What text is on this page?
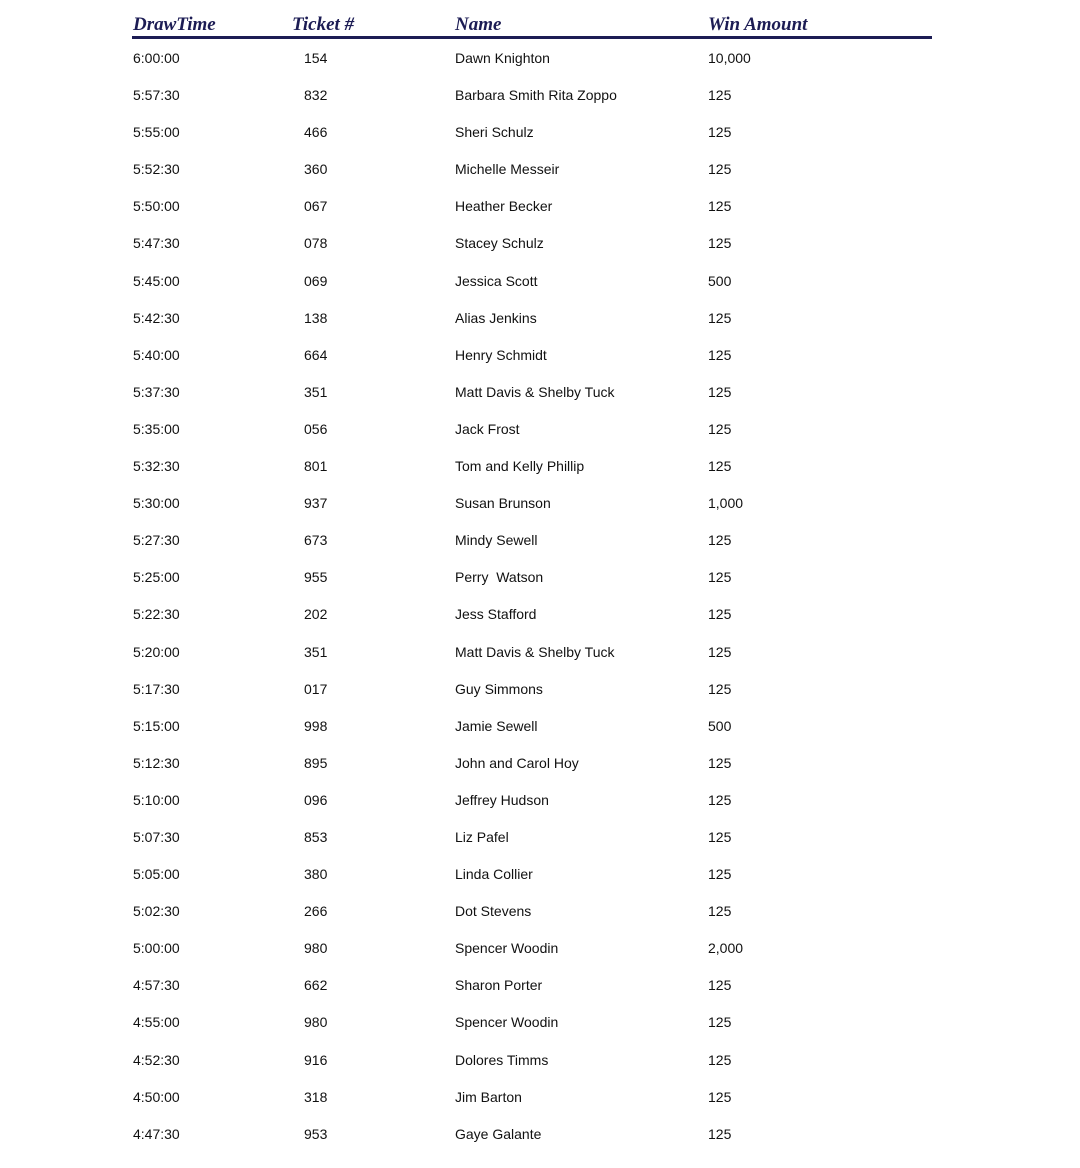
DrawTime	Ticket #	Name	Win Amount
6:00:00	154	Dawn Knighton	10,000
5:57:30	832	Barbara Smith Rita Zoppo	125
5:55:00	466	Sheri Schulz	125
5:52:30	360	Michelle Messeir	125
5:50:00	067	Heather Becker	125
5:47:30	078	Stacey Schulz	125
5:45:00	069	Jessica Scott	500
5:42:30	138	Alias Jenkins	125
5:40:00	664	Henry Schmidt	125
5:37:30	351	Matt Davis & Shelby Tuck	125
5:35:00	056	Jack Frost	125
5:32:30	801	Tom and Kelly Phillip	125
5:30:00	937	Susan Brunson	1,000
5:27:30	673	Mindy Sewell	125
5:25:00	955	Perry  Watson	125
5:22:30	202	Jess Stafford	125
5:20:00	351	Matt Davis & Shelby Tuck	125
5:17:30	017	Guy Simmons	125
5:15:00	998	Jamie Sewell	500
5:12:30	895	John and Carol Hoy	125
5:10:00	096	Jeffrey Hudson	125
5:07:30	853	Liz Pafel	125
5:05:00	380	Linda Collier	125
5:02:30	266	Dot Stevens	125
5:00:00	980	Spencer Woodin	2,000
4:57:30	662	Sharon Porter	125
4:55:00	980	Spencer Woodin	125
4:52:30	916	Dolores Timms	125
4:50:00	318	Jim Barton	125
4:47:30	953	Gaye Galante	125
